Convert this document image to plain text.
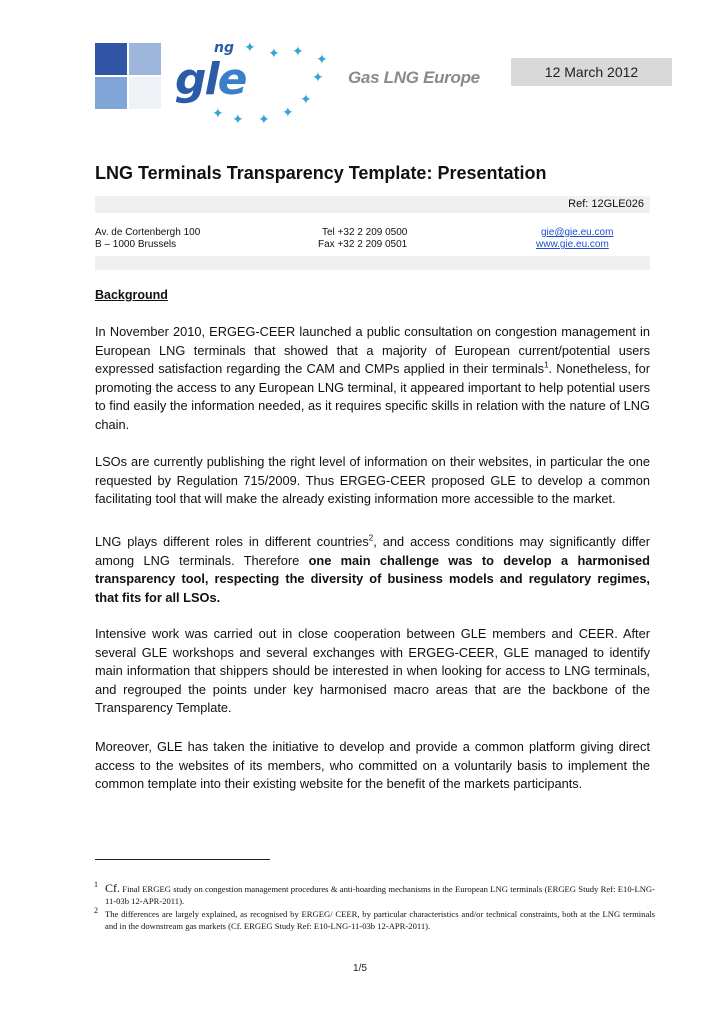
ng
gle
✦ ✦ ✦ ✦
✦
✦
✦
✦
✦
✦
Gas LNG Europe	12 March 2012
LNG Terminals Transparency Template: Presentation
Ref: 12GLE026
Av. de Cortenbergh 100
B – 1000 Brussels
Tel +32 2 209 0500
Fax +32 2 209 0501
gie@gie.eu.com
www.gie.eu.com
Background
In November 2010, ERGEG-CEER launched a public consultation on congestion management in European LNG terminals that showed that a majority of European current/potential users expressed satisfaction regarding the CAM and CMPs applied in their terminals$^1$. Nonetheless, for promoting the access to any European LNG terminal, it appeared important to help potential users to find easily the information needed, as it requires specific skills in relation with the nature of LNG chain.
LSOs are currently publishing the right level of information on their websites, in particular the one requested by Regulation 715/2009. Thus ERGEG-CEER proposed GLE to develop a common facilitating tool that will make the already existing information more accessible to the market.
LNG plays different roles in different countries$^2$, and access conditions may significantly differ among LNG terminals. Therefore one main challenge was to develop a harmonised transparency tool, respecting the diversity of business models and regulatory regimes, that fits for all LSOs.
Intensive work was carried out in close cooperation between GLE members and CEER. After several GLE workshops and several exchanges with ERGEG-CEER, GLE managed to identify main information that shippers should be interested in when looking for access to LNG terminals, and regrouped the points under key harmonised macro areas that are the backbone of the Transparency Template.
Moreover, GLE has taken the initiative to develop and provide a common platform giving direct access to the websites of its members, who committed on a voluntarily basis to implement the common template into their existing website for the benefit of the markets participants.
1 Cf. Final ERGEG study on congestion management procedures & anti-hoarding mechanisms in the European LNG terminals (ERGEG Study Ref: E10-LNG-11-03b 12-APR-2011).
2 The differences are largely explained, as recognised by ERGEG/ CEER, by particular characteristics and/or technical constraints, both at the LNG terminals and in the downstream gas markets (Cf. ERGEG Study Ref: E10-LNG-11-03b 12-APR-2011).
1/5
